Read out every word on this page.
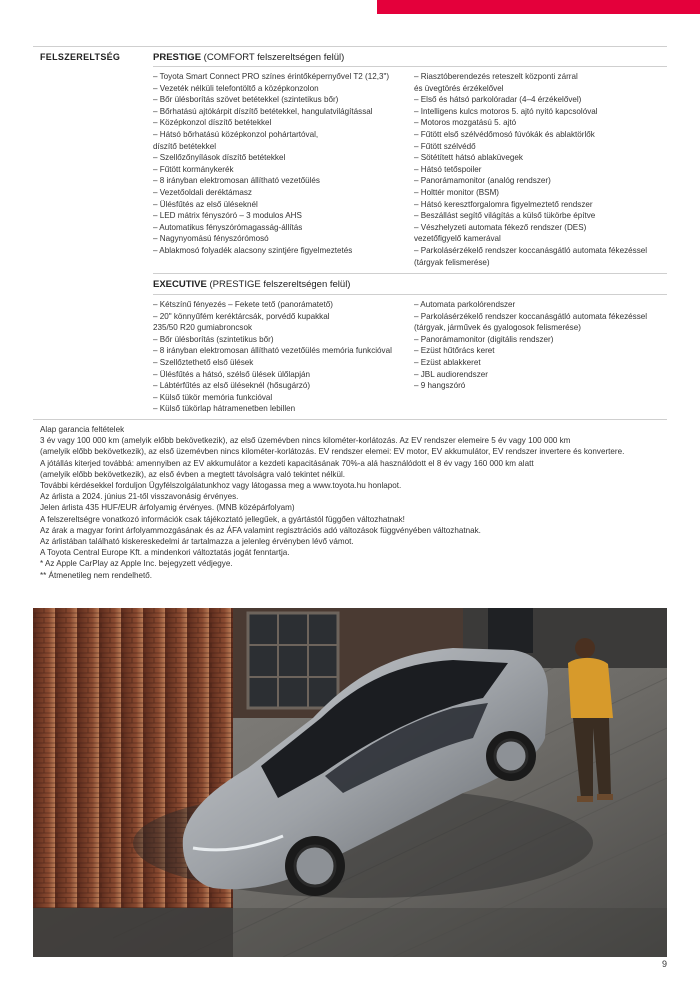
FELSZERELTSÉG	PRESTIGE (COMFORT felszereltségen felül)
– Toyota Smart Connect PRO színes érintőképernyővel T2 (12,3")
– Vezeték nélküli telefontöltő a középkonzolon
– Bőr ülésborítás szövet betétekkel (szintetikus bőr)
– Bőrhatású ajtókárpit díszítő betétekkel, hangulatvilágítással
– Középkonzol díszítő betétekkel
– Hátsó bőrhatású középkonzol pohártartóval,
díszítő betétekkel
– Szellőzőnyílások díszítő betétekkel
– Fűtött kormánykerék
– 8 irányban elektromosan állítható vezetőülés
– Vezetőoldali deréktámasz
– Ülésfűtés az első üléseknél
– LED mátrix fényszóró – 3 modulos AHS
– Automatikus fényszórómagasság-állítás
– Nagynyomású fényszórómosó
– Ablakmosó folyadék alacsony szintjére figyelmeztetés
– Riasztóberendezés reteszelt központi zárral
és üvegtörés érzékelővel
– Első és hátsó parkolóradar (4–4 érzékelővel)
– Intelligens kulcs motoros 5. ajtó nyitó kapcsolóval
– Motoros mozgatású 5. ajtó
– Fűtött első szélvédőmosó fúvókák és ablaktörlők
– Fűtött szélvédő
– Sötétített hátsó ablaküvegek
– Hátsó tetőspoiler
– Panorámamonitor (analóg rendszer)
– Holttér monitor (BSM)
– Hátsó keresztforgalomra figyelmeztető rendszer
– Beszállást segítő világítás a külső tükörbe építve
– Vészhelyzeti automata fékező rendszer (DES)
vezetőfigyelő kamerával
– Parkolásérzékelő rendszer koccanásgátló automata fékezéssel
(tárgyak felismerése)
EXECUTIVE (PRESTIGE felszereltségen felül)
– Kétszínű fényezés – Fekete tető (panorámatető)
– 20" könnyűfém keréktárcsák, porvédő kupakkal
235/50 R20 gumiabroncsok
– Bőr ülésborítás (szintetikus bőr)
– 8 irányban elektromosan állítható vezetőülés memória funkcióval
– Szellőztethető első ülések
– Ülésfűtés a hátsó, szélső ülések ülőlapján
– Lábtérfűtés az első üléseknél (hősugárzó)
– Külső tükör memória funkcióval
– Külső tükörlap hátramenetben lebillen
– Automata parkolórendszer
– Parkolásérzékelő rendszer koccanásgátló automata fékezéssel
(tárgyak, járművek és gyalogosok felismerése)
– Panorámamonitor (digitális rendszer)
– Ezüst hűtőrács keret
– Ezüst ablakkeret
– JBL audiorendszer
– 9 hangszóró
Alap garancia feltételek
3 év vagy 100 000 km (amelyik előbb bekövetkezik), az első üzemévben nincs kilométer-korlátozás. Az EV rendszer elemeire 5 év vagy 100 000 km
(amelyik előbb bekövetkezik), az első üzemévben nincs kilométer-korlátozás. EV rendszer elemei: EV motor, EV akkumulátor, EV rendszer invertere és konvertere.
A jótállás kiterjed továbbá: amennyiben az EV akkumulátor a kezdeti kapacitásának 70%-a alá használódott el 8 év vagy 160 000 km alatt
(amelyik előbb bekövetkezik), az első évben a megtett távolságra való tekintet nélkül.
További kérdésekkel forduljon Ügyfélszolgálatunkhoz vagy látogassa meg a www.toyota.hu honlapot.
Az árlista a 2024. június 21-től visszavonásig érvényes.
Jelen árlista 435 HUF/EUR árfolyamig érvényes. (MNB középárfolyam)
A felszereltségre vonatkozó információk csak tájékoztató jellegűek, a gyártástól függően változhatnak!
Az árak a magyar forint árfolyammozgásának és az ÁFA valamint regisztrációs adó változások függvényében változhatnak.
Az árlistában található kiskereskedelmi ár tartalmazza a jelenleg érvényben lévő vámot.
A Toyota Central Europe Kft. a mindenkori változtatás jogát fenntartja.
* Az Apple CarPlay az Apple Inc. bejegyzett védjegye.
** Átmenetileg nem rendelhető.
9
